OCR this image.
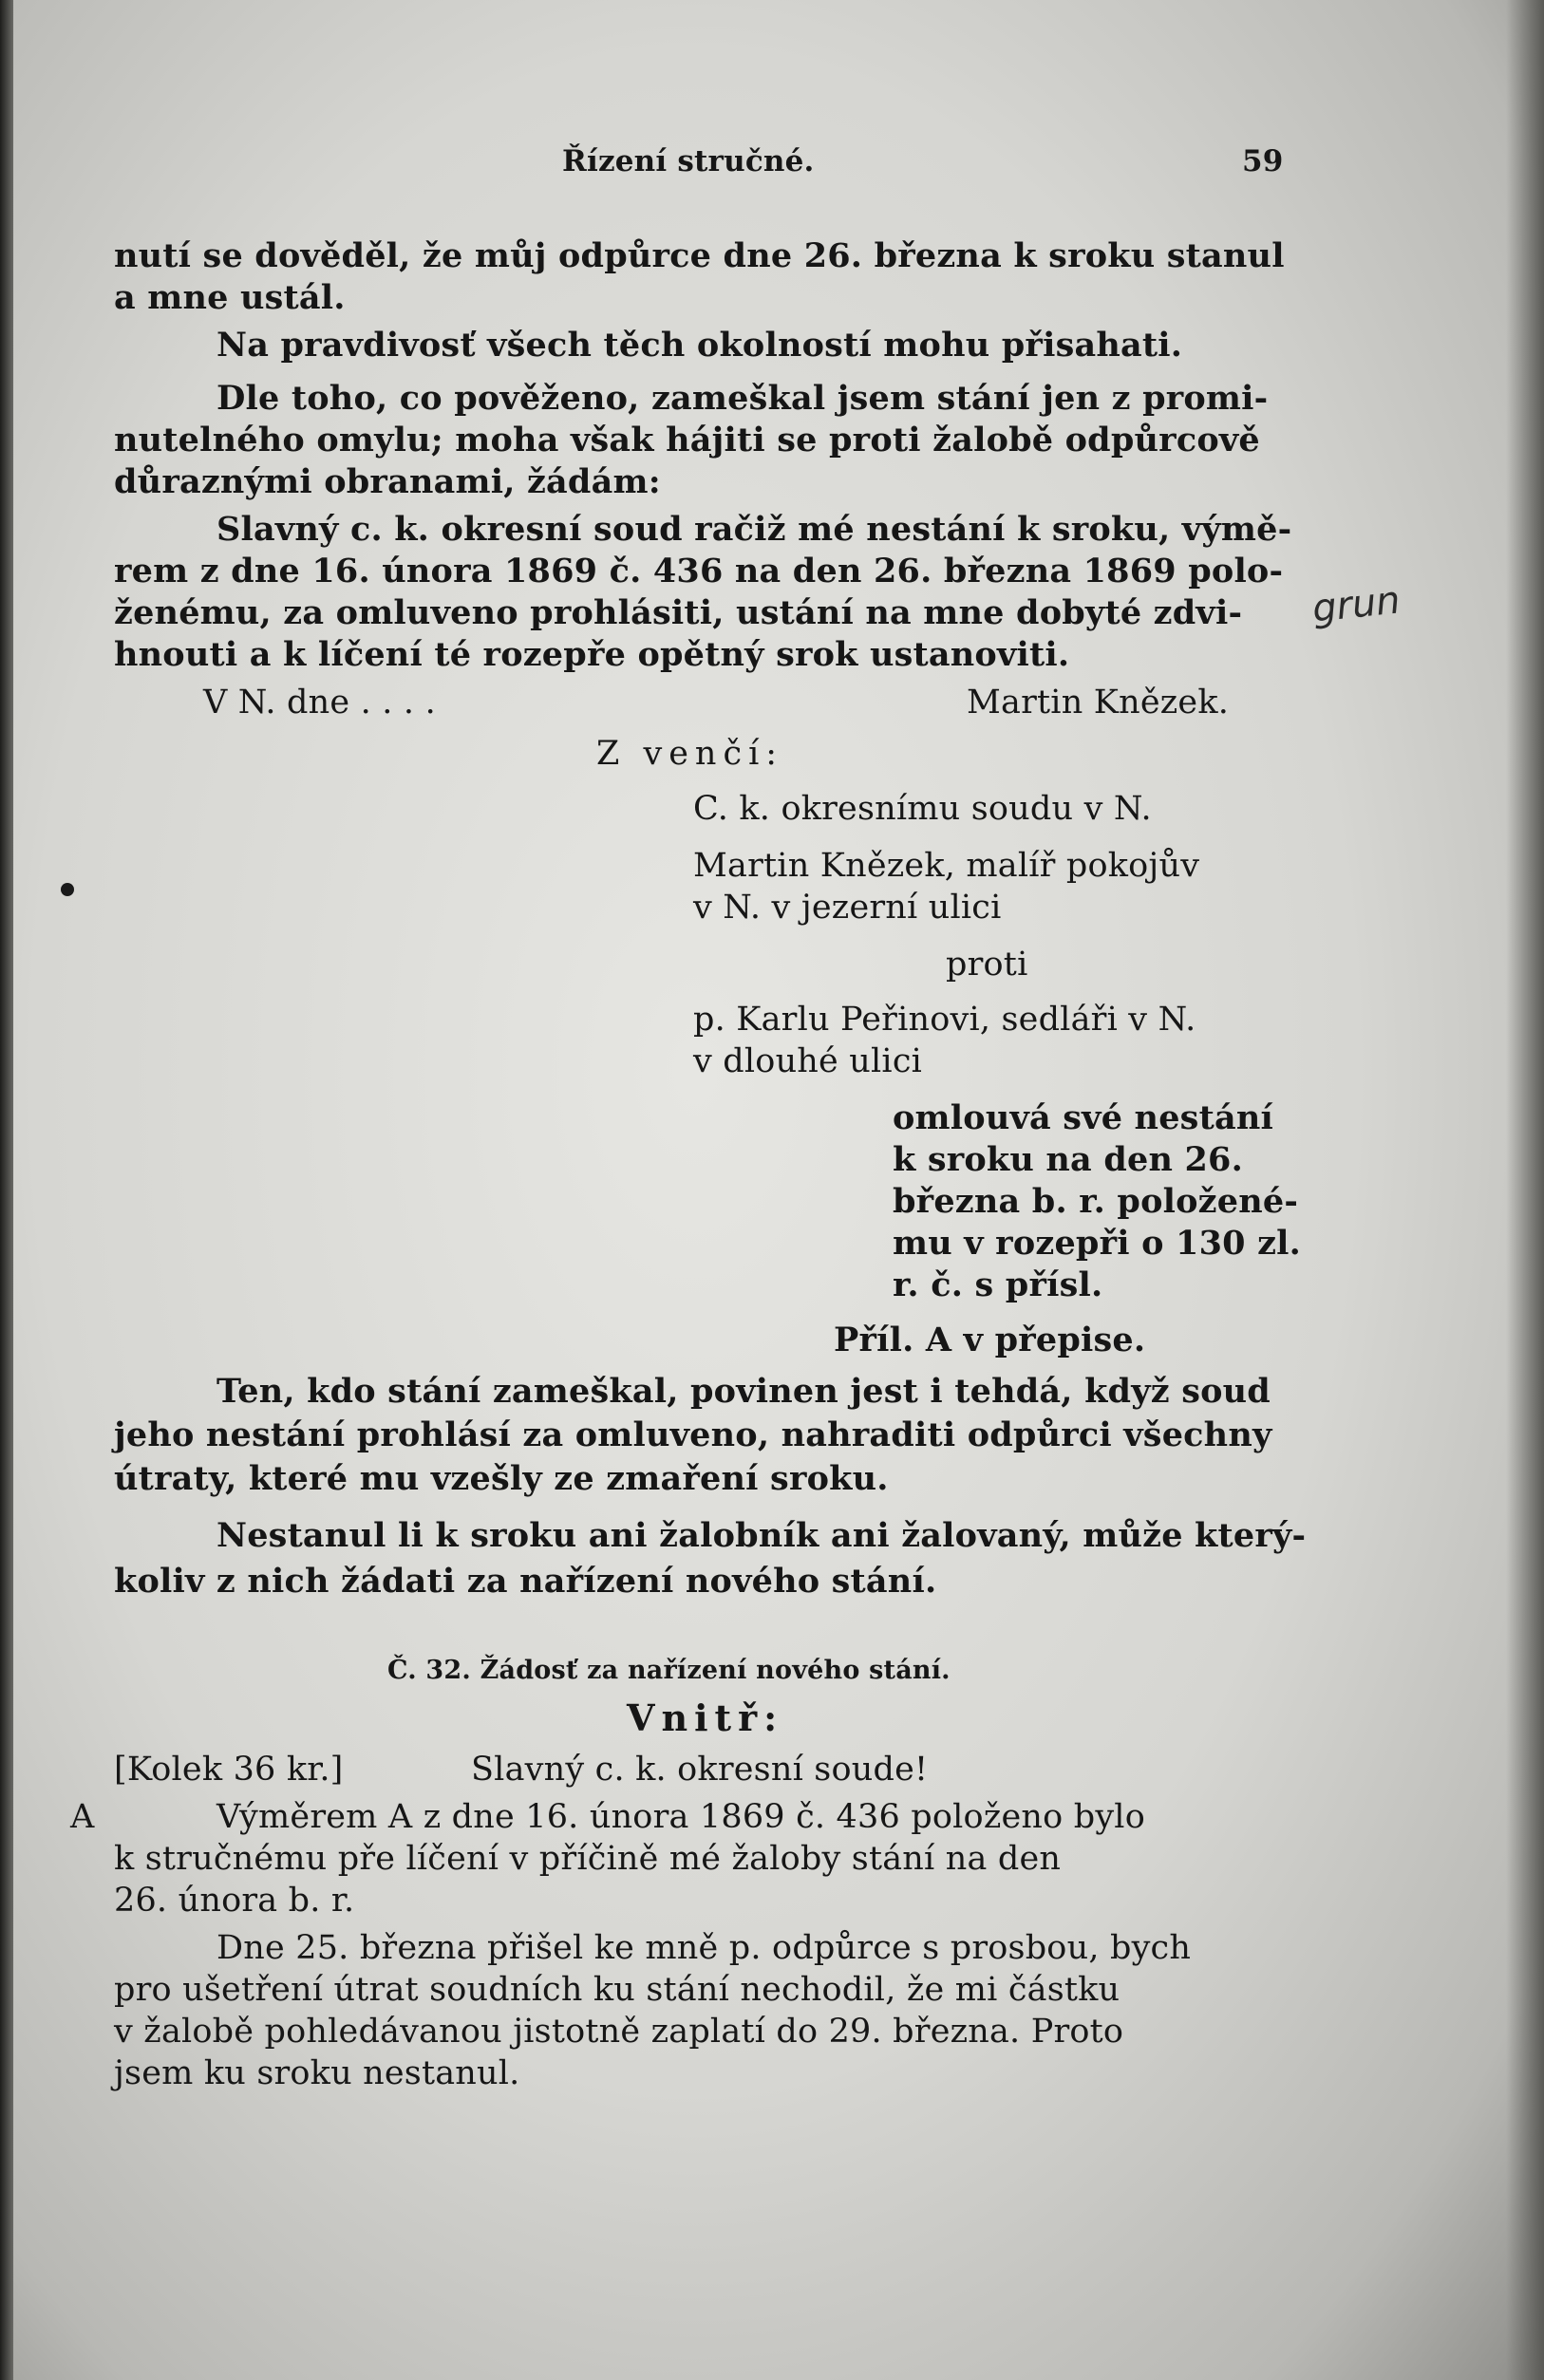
Řízení stručné.	59
nutí se dověděl, že můj odpůrce dne 26. března k sroku stanul
a mne ustál.
Na pravdivosť všech těch okolností mohu přisahati.
Dle toho, co pověženo, zameškal jsem stání jen z promi-
nutelného omylu; moha však hájiti se proti žalobě odpůrcově
důraznými obranami, žádám:
Slavný c. k. okresní soud račiž mé nestání k sroku, výmě-
rem z dne 16. února 1869 č. 436 na den 26. března 1869 polo-
ženému, za omluveno prohlásiti, ustání na mne dobyté zdvi-
hnouti a k líčení té rozepře opětný srok ustanoviti.
V N. dne . . . .	Martin Knězek.
Z venčí:
C. k. okresnímu soudu v N.
Martin Knězek, malíř pokojův
v N. v jezerní ulici
proti
p. Karlu Peřinovi, sedláři v N.
v dlouhé ulici
omlouvá své nestání
k sroku na den 26.
března b. r. položené-
mu v rozepři o 130 zl.
r. č. s přísl.
Příl. A v přepise.
Ten, kdo stání zameškal, povinen jest i tehdá, když soud
jeho nestání prohlásí za omluveno, nahraditi odpůrci všechny
útraty, které mu vzešly ze zmaření sroku.
Nestanul li k sroku ani žalobník ani žalovaný, může který-
koliv z nich žádati za nařízení nového stání.
Č. 32. Žádosť za nařízení nového stání.
Vnitř:
[Kolek 36 kr.]	Slavný c. k. okresní soude!
A	Výměrem A z dne 16. února 1869 č. 436 položeno bylo
k stručnému pře líčení v příčině mé žaloby stání na den
26. února b. r.
Dne 25. března přišel ke mně p. odpůrce s prosbou, bych
pro ušetření útrat soudních ku stání nechodil, že mi částku
v žalobě pohledávanou jistotně zaplatí do 29. března. Proto
jsem ku sroku nestanul.
grun
